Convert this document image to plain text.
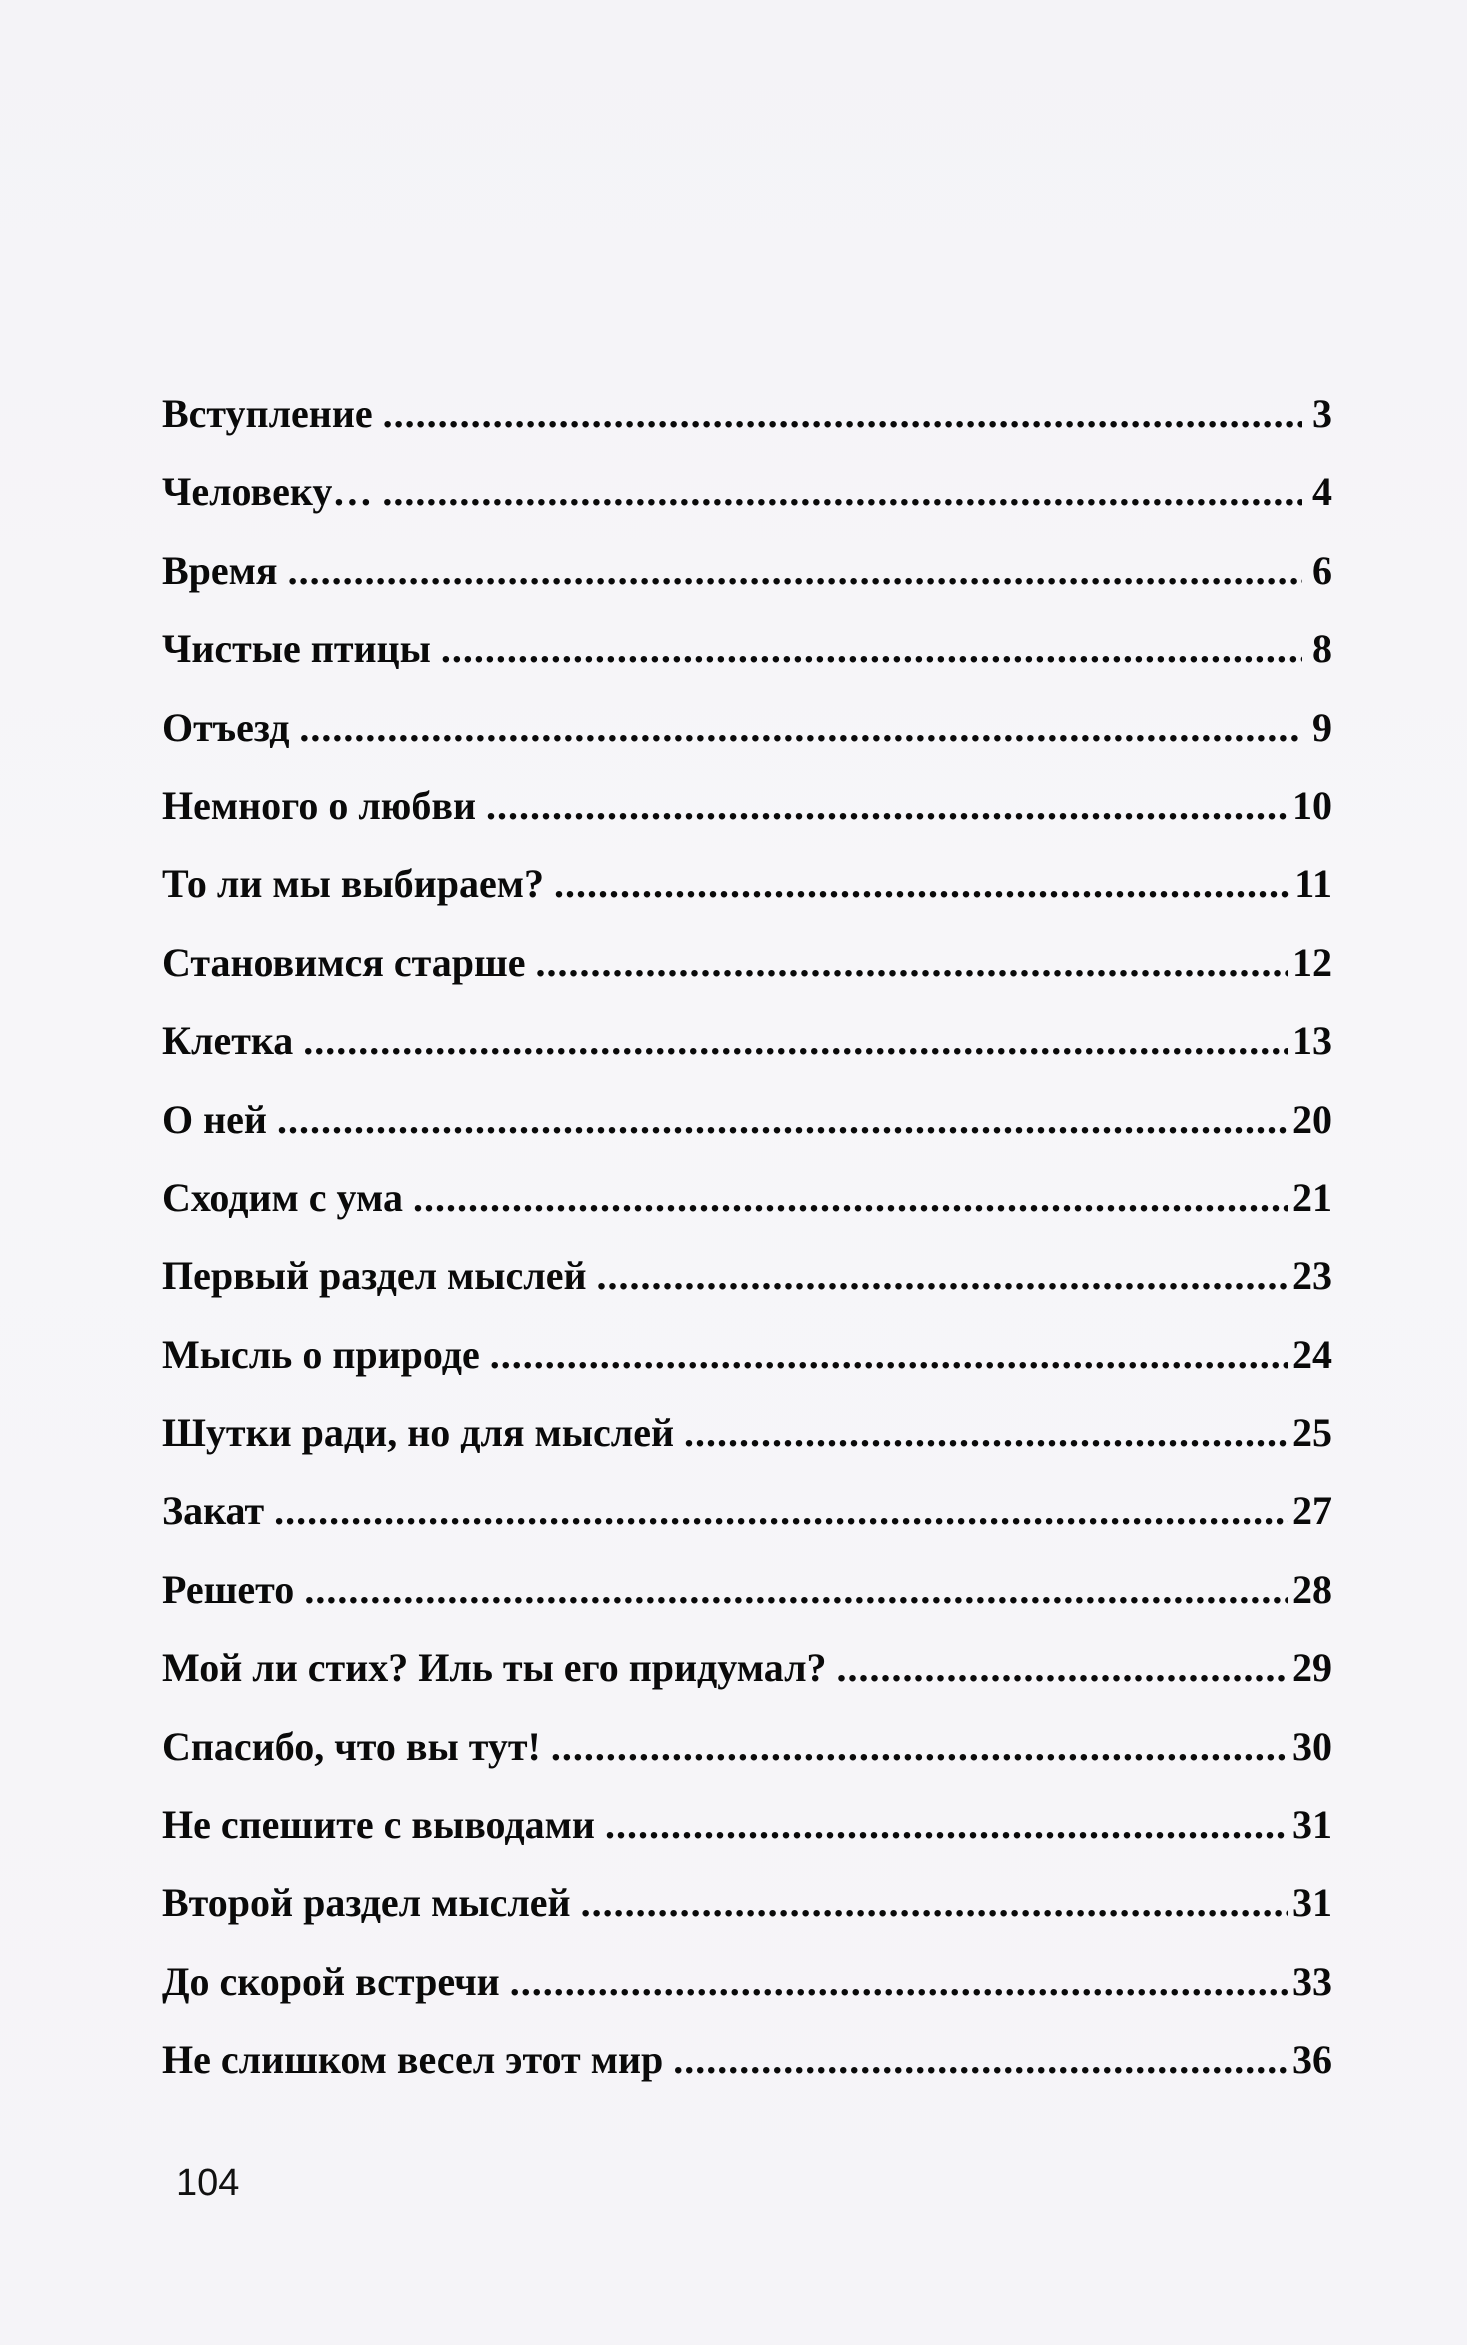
Вступление .....	3
Человеку… .....	4
Время .....	6
Чистые птицы .....	8
Отъезд .....	9
Немного о любви .....	10
То ли мы выбираем? .....	11
Становимся старше .....	12
Клетка .....	13
О ней .....	20
Сходим с ума .....	21
Первый раздел мыслей .....	23
Мысль о природе .....	24
Шутки ради, но для мыслей .....	25
Закат .....	27
Решето .....	28
Мой ли стих? Иль ты его придумал? .....	29
Спасибо, что вы тут! .....	30
Не спешите с выводами .....	31
Второй раздел мыслей .....	31
До скорой встречи .....	33
Не слишком весел этот мир .....	36
104
